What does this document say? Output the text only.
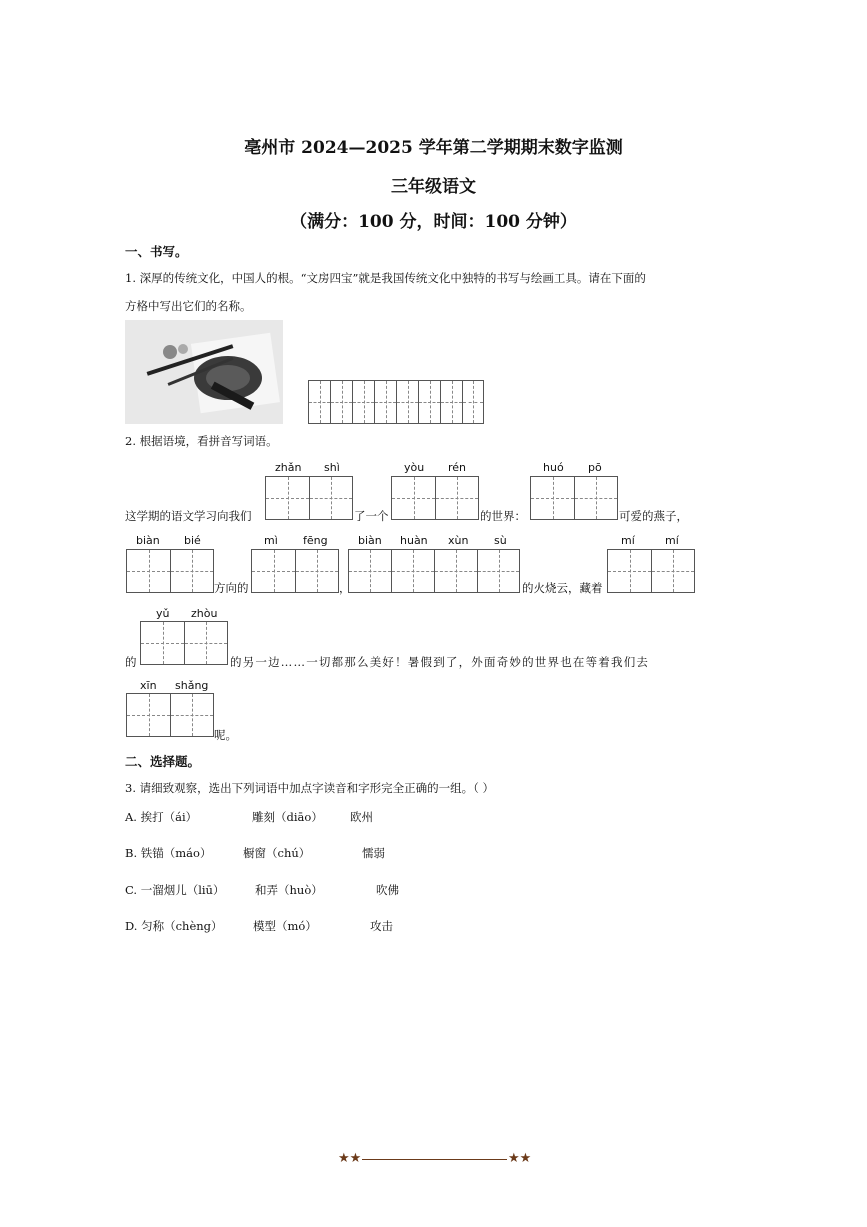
亳州市 2024—2025 学年第二学期期末数字监测
三年级语文
（满分：100 分，时间：100 分钟）
一、书写。
1. 深厚的传统文化，中国人的根。“文房四宝”就是我国传统文化中独特的书写与绘画工具。请在下面的
方格中写出它们的名称。
2. 根据语境，看拼音写词语。
zhǎn shì	yòu rén	huó pō
这学期的语文学习向我们	了一个	的世界：	可爱的燕子，
biàn bié	mì fēng	biàn huàn xùn sù	mí	mí
方向的	，	的火烧云，藏着
yǔ zhòu
的	的另一边……一切都那么美好！暑假到了，外面奇妙的世界也在等着我们去
xīn shǎng
呢。
二、选择题。
3. 请细致观察，选出下列词语中加点字读音和字形完全正确的一组。（ ）
A. 挨打（ái）	雕刻（diāo） 欧州
B. 铁锚（máo）	橱窗（chú）	懦弱
C. 一溜烟儿（liū）	和弄（huò）	吹佛
D. 匀称（chèng）	模型（mó）	攻击
★★	★★
